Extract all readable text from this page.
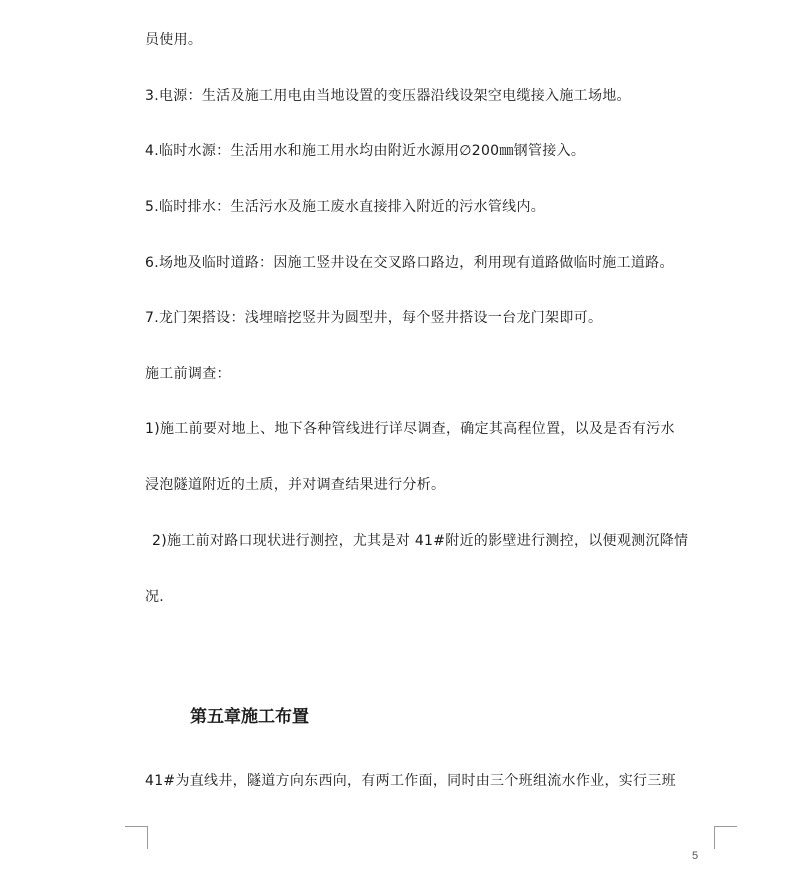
员使用。
3.电源：生活及施工用电由当地设置的变压器沿线设架空电缆接入施工场地。
4.临时水源：生活用水和施工用水均由附近水源用∅200㎜钢管接入。
5.临时排水：生活污水及施工废水直接排入附近的污水管线内。
6.场地及临时道路：因施工竖井设在交叉路口路边，利用现有道路做临时施工道路。
7.龙门架搭设：浅埋暗挖竖井为圆型井，每个竖井搭设一台龙门架即可。
施工前调查：
1)施工前要对地上、地下各种管线进行详尽调查，确定其高程位置，以及是否有污水
浸泡隧道附近的土质，并对调查结果进行分析。
2)施工前对路口现状进行测控，尤其是对 41#附近的影壁进行测控，以便观测沉降情
况.
第五章施工布置
41#为直线井，隧道方向东西向，有两工作面，同时由三个班组流水作业，实行三班
5
